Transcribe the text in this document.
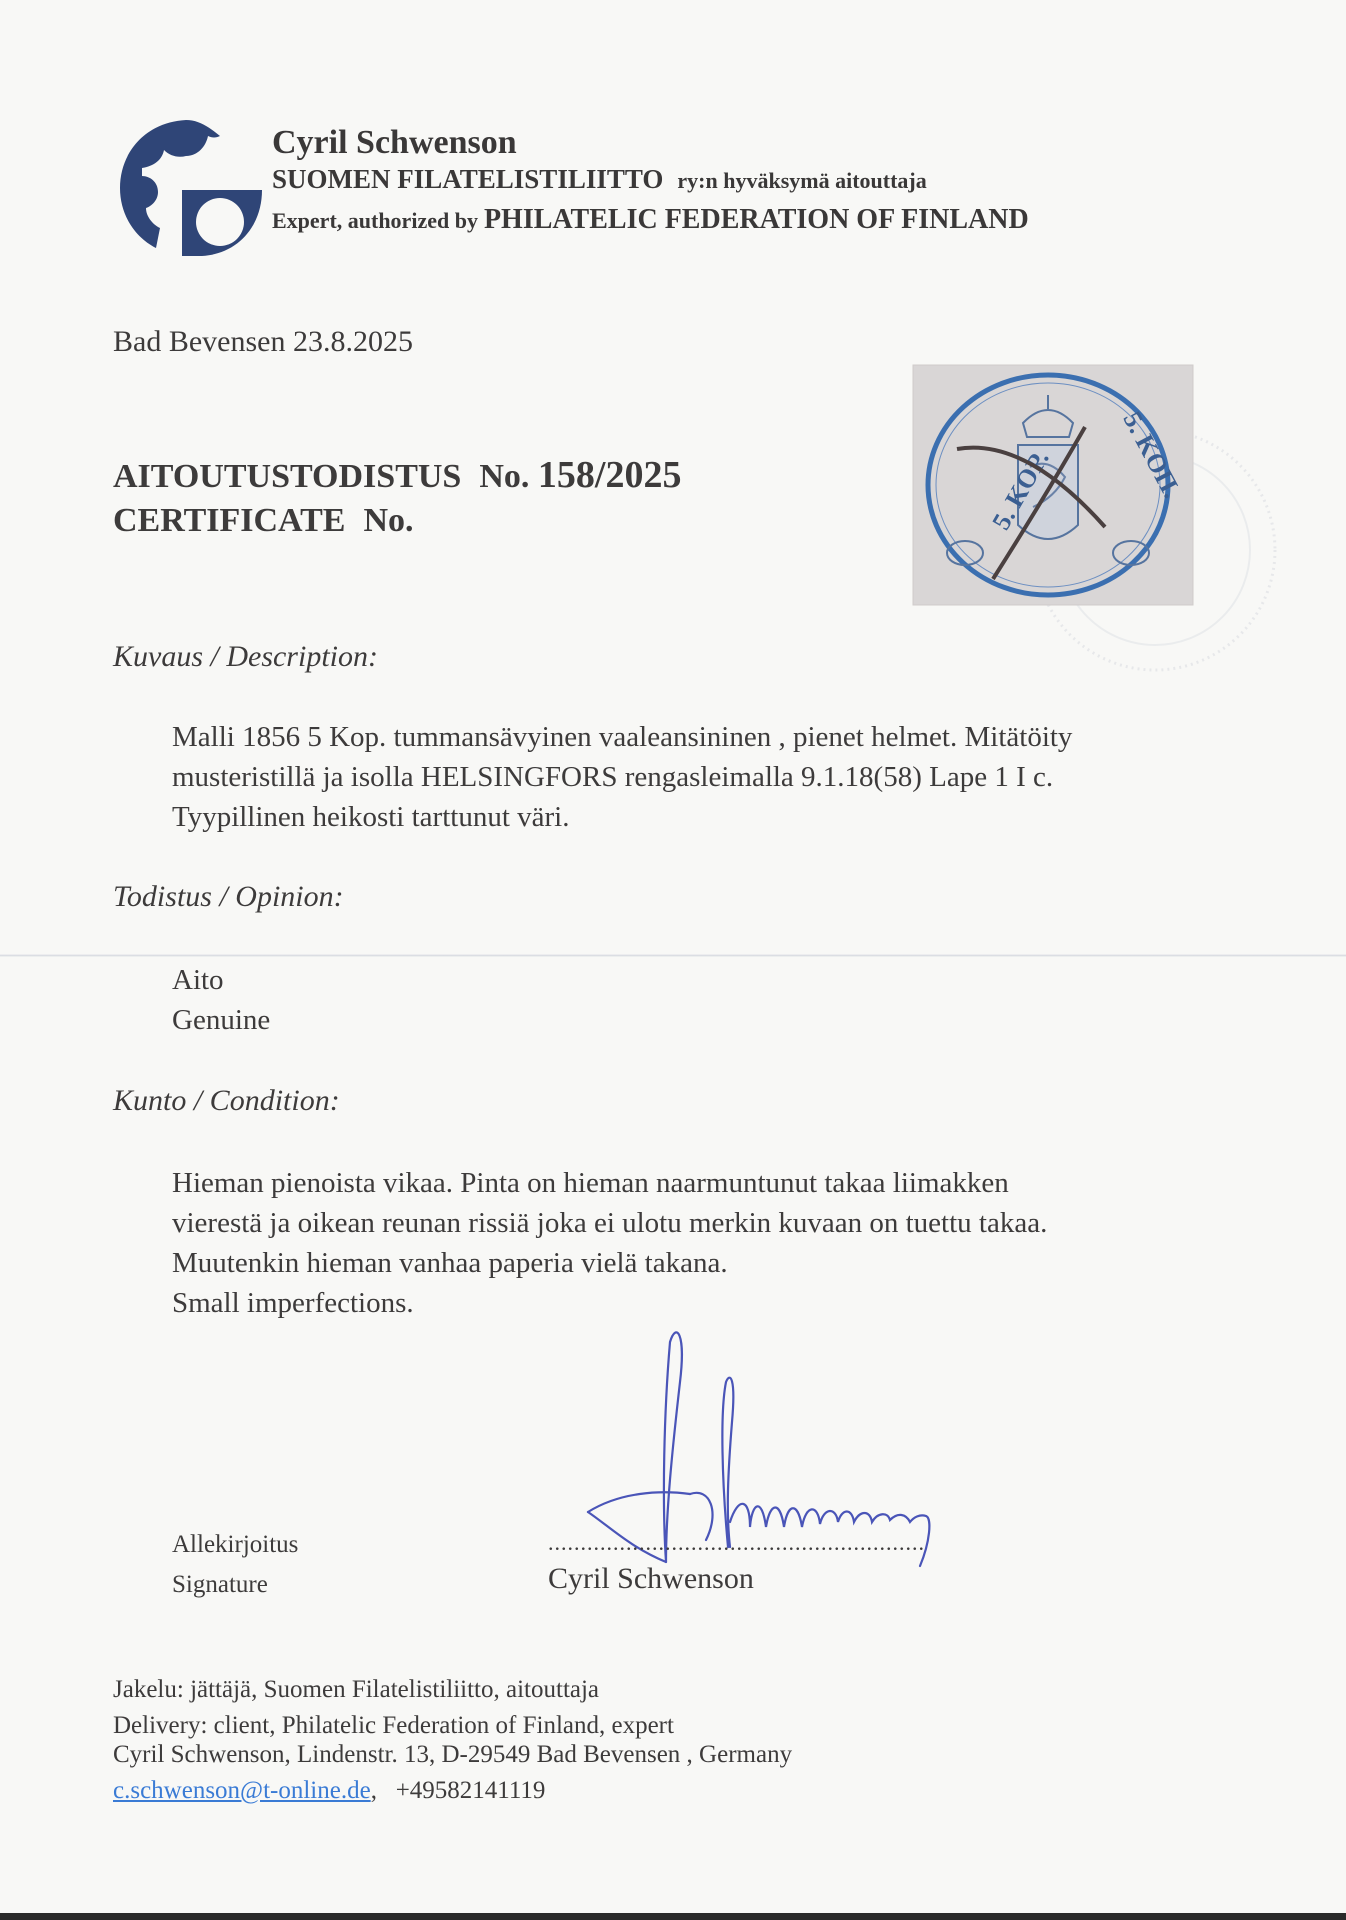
Cyril Schwenson
SUOMEN FILATELISTILIITTO ry:n hyväksymä aitouttaja
Expert, authorized by PHILATELIC FEDERATION OF FINLAND
Bad Bevensen 23.8.2025
AITOUTUSTODISTUS No. 158/2025
CERTIFICATE No.	5. KOP. 5. KOП.
Kuvaus / Description:
Malli 1856 5 Kop. tummansävyinen vaaleansininen , pienet helmet. Mitätöity
musteristillä ja isolla HELSINGFORS rengasleimalla 9.1.18(58) Lape 1 I c.
Tyypillinen heikosti tarttunut väri.
Todistus / Opinion:
Aito
Genuine
Kunto / Condition:
Hieman pienoista vikaa. Pinta on hieman naarmuntunut takaa liimakken
vierestä ja oikean reunan rissiä joka ei ulotu merkin kuvaan on tuettu takaa.
Muutenkin hieman vanhaa paperia vielä takana.
Small imperfections.
Allekirjoitus
Signature
..........................................................
Cyril Schwenson
Jakelu: jättäjä, Suomen Filatelistiliitto, aitouttaja
Delivery: client, Philatelic Federation of Finland, expert
Cyril Schwenson, Lindenstr. 13, D-29549 Bad Bevensen , Germany
c.schwenson@t-online.de, +49582141119
